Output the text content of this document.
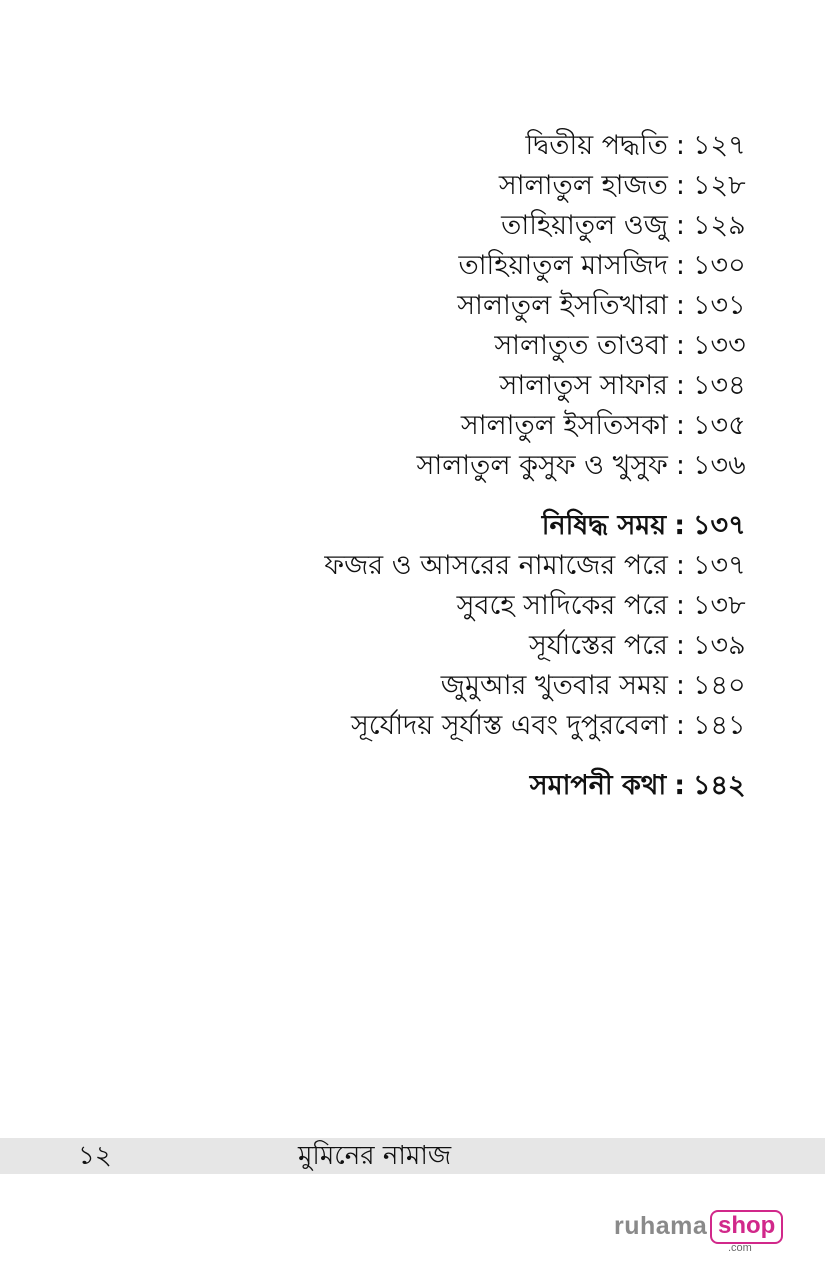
দ্বিতীয় পদ্ধতি : ১২৭
সালাতুল হাজত : ১২৮
তাহিয়াতুল ওজু : ১২৯
তাহিয়াতুল মাসজিদ : ১৩০
সালাতুল ইসতিখারা : ১৩১
সালাতুত তাওবা : ১৩৩
সালাতুস সাফার : ১৩৪
সালাতুল ইসতিসকা : ১৩৫
সালাতুল কুসুফ ও খুসুফ : ১৩৬
নিষিদ্ধ সময় : ১৩৭
ফজর ও আসরের নামাজের পরে : ১৩৭
সুবহে সাদিকের পরে : ১৩৮
সূর্যাস্তের পরে : ১৩৯
জুমুআর খুতবার সময় : ১৪০
সূর্যোদয় সূর্যাস্ত এবং দুপুরবেলা : ১৪১
সমাপনী কথা : ১৪২
১২	মুমিনের নামাজ
ruhama shop
.com
